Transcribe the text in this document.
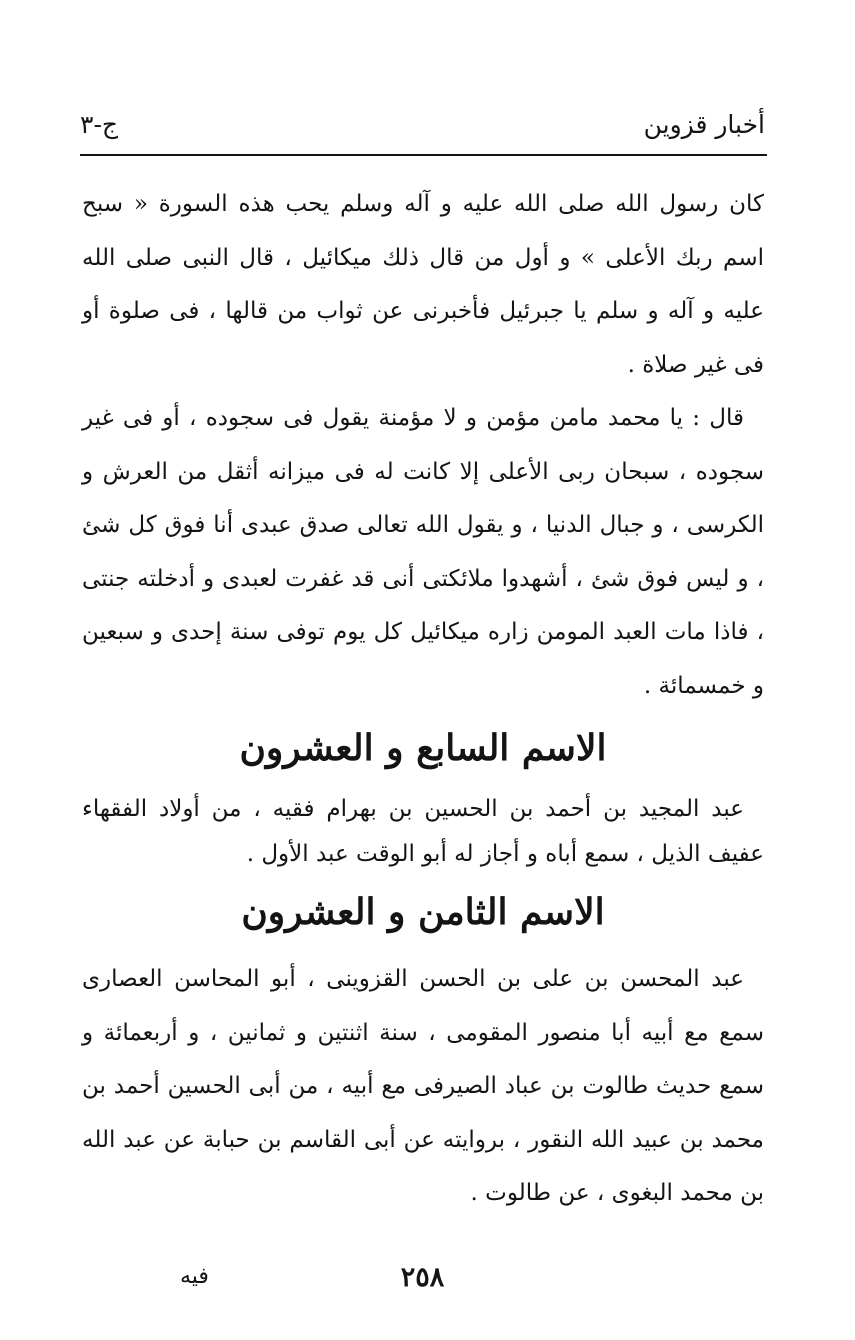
أخبار قزوين
ج-٣

كان رسول الله صلى الله عليه و آله وسلم يحب هذه السورة « سبح اسم ربك الأعلى » و أول من قال ذلك ميكائيل ، قال النبى صلى الله عليه و آله و سلم يا جبرئيل فأخبرنى عن ثواب من قالها ، فى صلوة أو فى غير صلاة .

قال : يا محمد مامن مؤمن و لا مؤمنة يقول فى سجوده ، أو فى غير سجوده ، سبحان ربى الأعلى إلا كانت له فى ميزانه أثقل من العرش و الكرسى ، و جبال الدنيا ، و يقول الله تعالى صدق عبدى أنا فوق كل شئ ، و ليس فوق شئ ، أشهدوا ملائكتى أنى قد غفرت لعبدى و أدخلته جنتى ، فاذا مات العبد المومن زاره ميكائيل كل يوم توفى سنة إحدى و سبعين و خمسمائة .

الاسم السابع و العشرون

عبد المجيد بن أحمد بن الحسين بن بهرام فقيه ، من أولاد الفقهاء عفيف الذيل ، سمع أباه و أجاز له أبو الوقت عبد الأول .

الاسم الثامن و العشرون

عبد المحسن بن على بن الحسن القزوينى ، أبو المحاسن العصارى سمع مع أبيه أبا منصور المقومى ، سنة اثنتين و ثمانين ، و أربعمائة و سمع حديث طالوت بن عباد الصيرفى مع أبيه ، من أبى الحسين أحمد بن محمد بن عبيد الله النقور ، بروايته عن أبى القاسم بن حبابة عن عبد الله بن محمد البغوى ، عن طالوت .

٢٥٨
فيه
